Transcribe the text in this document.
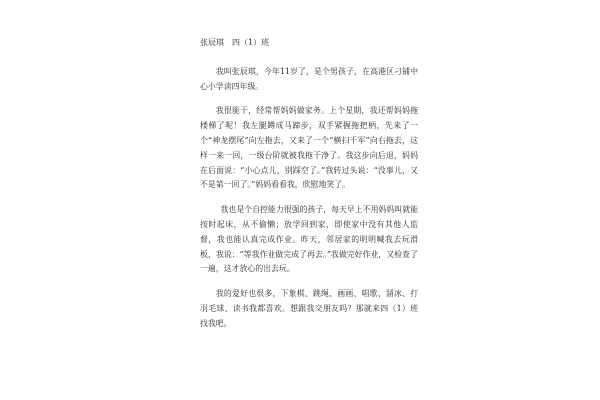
张辰琪　四（1）班

我叫张辰琪，今年11岁了，是个男孩子，在高港区刁铺中心小学读四年级。

我很能干，经常帮妈妈做家务。上个星期，我还帮妈妈拖楼梯了呢！我左腿蹲成马蹄步，双手紧握拖把柄，先来了一个“神龙摆尾”向左拖去，又来了一个“横扫千军”向右拖去，这样一来一回，一级台阶就被我拖干净了。我这步向后退，妈妈在后面说：“小心点儿，别踩空了。”我转过头说：“没事儿，又不是第一回了。”妈妈看看我，欣慰地笑了。

我也是个自控能力很强的孩子，每天早上不用妈妈叫就能按时起床，从不偷懒；放学回到家，即使家中没有其他人监督，我也能认真完成作业。昨天，邻居家的明明喊我去玩滑板，我说：“等我作业做完成了再去。”我做完好作业，又检查了一遍，这才放心的出去玩。

我的爱好也很多，下象棋、跳绳、画画、唱歌、溜冰、打羽毛球、读书我都喜欢。想跟我交朋友吗？那就来四（1）班找我吧。
